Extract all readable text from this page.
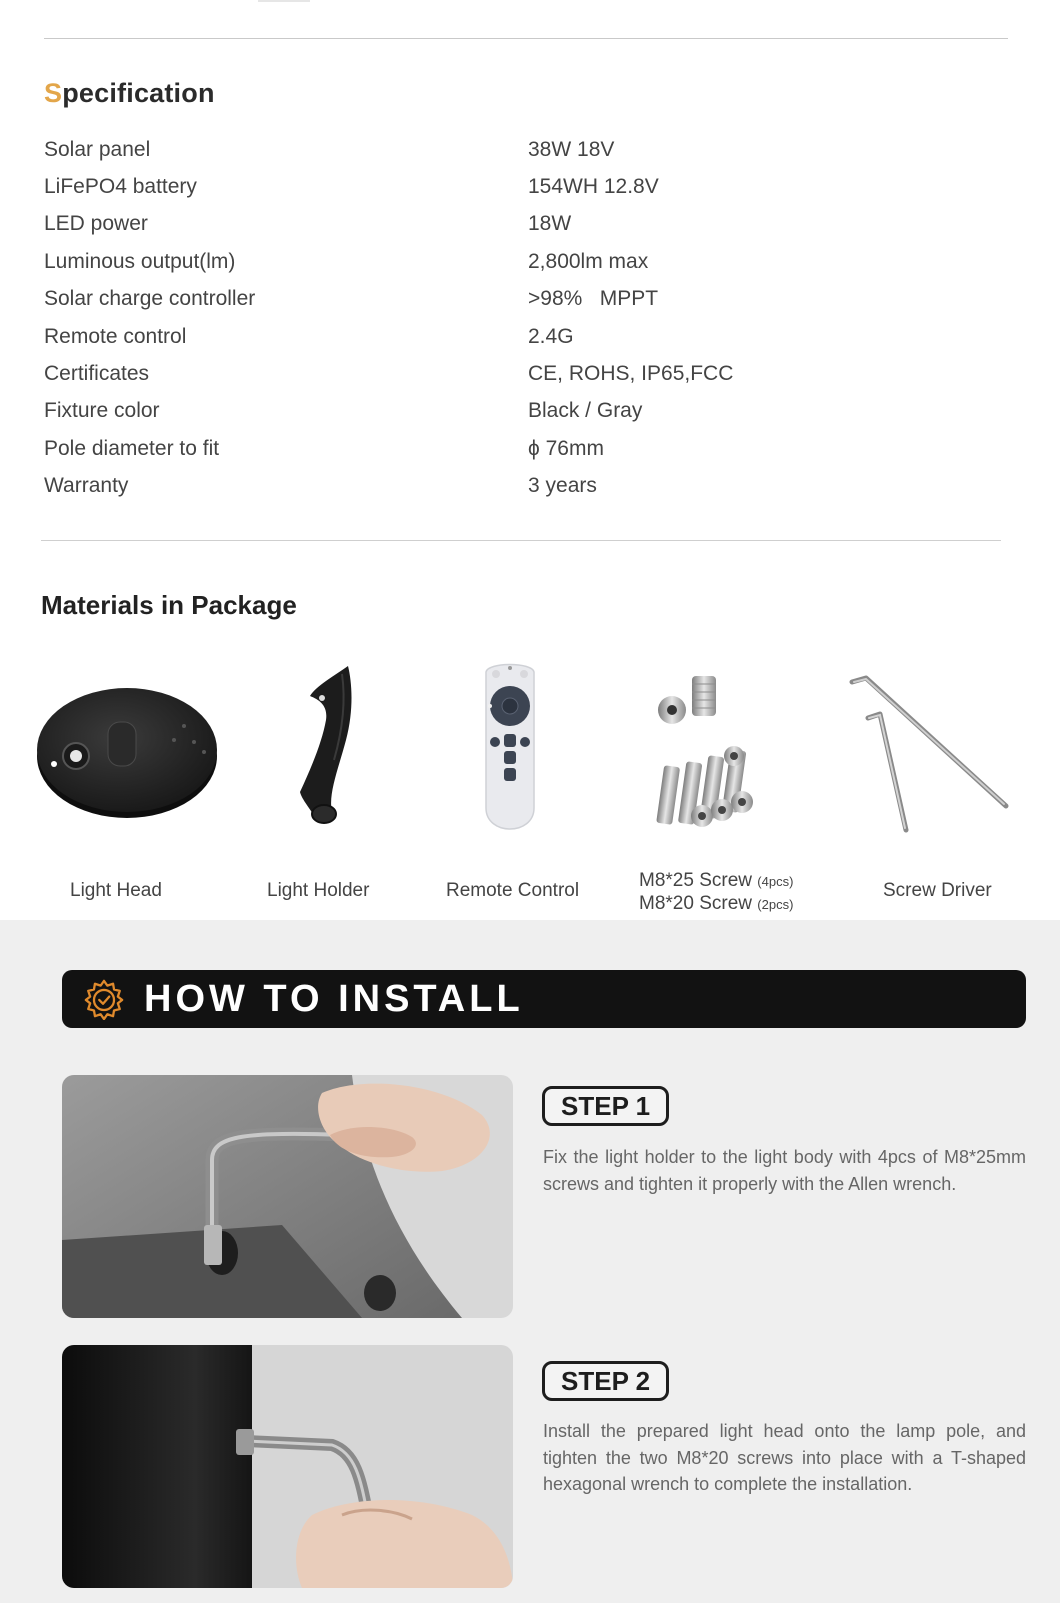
Specification
Solar panel	38W 18V
LiFePO4 battery	154WH 12.8V
LED power	18W
Luminous output(lm)	2,800lm max
Solar charge controller	>98%   MPPT
Remote control	2.4G
Certificates	CE, ROHS, IP65,FCC
Fixture color	Black / Gray
Pole diameter to fit	ϕ 76mm
Warranty	3 years
Materials in Package
Light Head	Light Holder	Remote Control	M8*25 Screw (4pcs)
M8*20 Screw (2pcs)
Screw Driver
HOW TO INSTALL
STEP 1
Fix the light holder to the light body with 4pcs of M8*25mm screws and tighten it properly with the Allen wrench.
STEP 2
Install the prepared light head onto the lamp pole, and tighten the two M8*20 screws into place with a T-shaped hexagonal wrench to complete the installation.
